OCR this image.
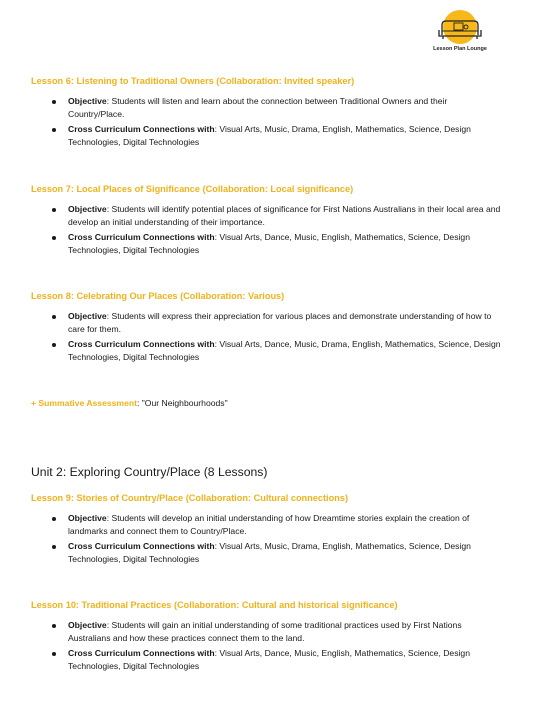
Lesson Plan Lounge

Lesson 6: Listening to Traditional Owners (Collaboration: Invited speaker)

Objective: Students will listen and learn about the connection between Traditional Owners and their Country/Place.
Cross Curriculum Connections with: Visual Arts, Music, Drama, English, Mathematics, Science, Design Technologies, Digital Technologies

Lesson 7: Local Places of Significance (Collaboration: Local significance)

Objective: Students will identify potential places of significance for First Nations Australians in their local area and develop an initial understanding of their importance.
Cross Curriculum Connections with: Visual Arts, Dance, Music, English, Mathematics, Science, Design Technologies, Digital Technologies

Lesson 8: Celebrating Our Places (Collaboration: Various)

Objective: Students will express their appreciation for various places and demonstrate understanding of how to care for them.
Cross Curriculum Connections with: Visual Arts, Dance, Music, Drama, English, Mathematics, Science, Design Technologies, Digital Technologies
+ Summative Assessment: "Our Neighbourhoods"
Unit 2: Exploring Country/Place (8 Lessons)

Lesson 9: Stories of Country/Place (Collaboration: Cultural connections)

Objective: Students will develop an initial understanding of how Dreamtime stories explain the creation of landmarks and connect them to Country/Place.
Cross Curriculum Connections with: Visual Arts, Music, Drama, English, Mathematics, Science, Design Technologies, Digital Technologies

Lesson 10: Traditional Practices (Collaboration: Cultural and historical significance)

Objective: Students will gain an initial understanding of some traditional practices used by First Nations Australians and how these practices connect them to the land.
Cross Curriculum Connections with: Visual Arts, Dance, Music, English, Mathematics, Science, Design Technologies, Digital Technologies
